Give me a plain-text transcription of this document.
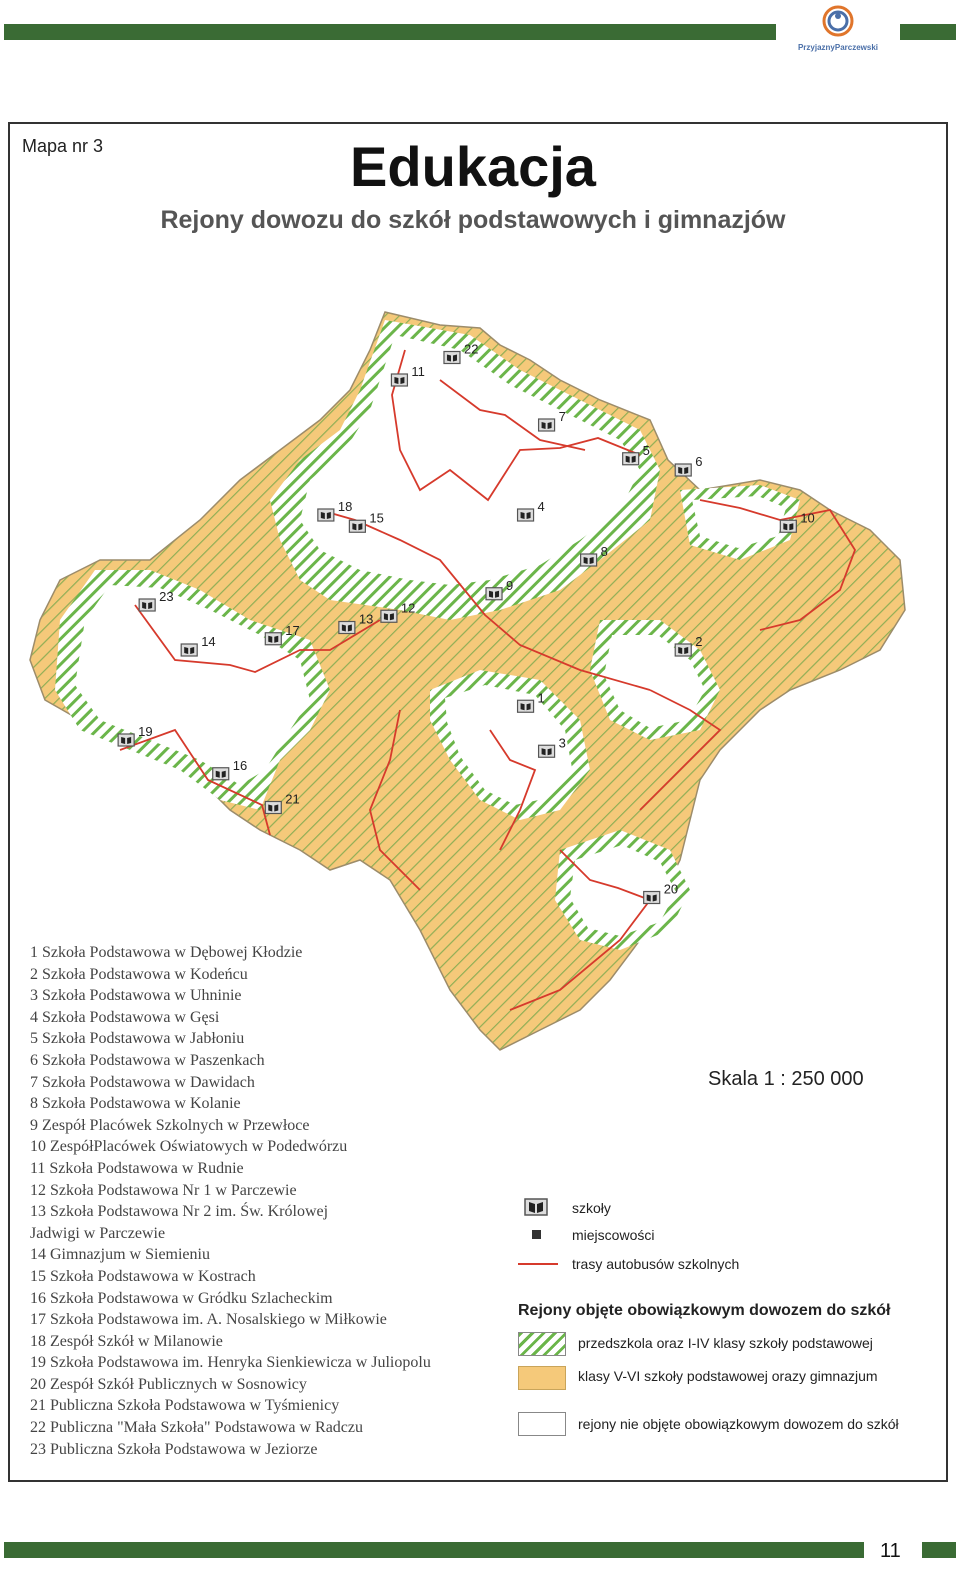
PrzyjaznyParczewski
Mapa nr 3	Edukacja
Rejony dowozu do szkół podstawowych i gimnazjów
1
2
3
4
5
6
7
8
9
10
11
12
13
14
15
16
17
18
19
20
21
22
23
1 Szkoła Podstawowa w Dębowej Kłodzie
2 Szkoła Podstawowa w Kodeńcu
3 Szkoła Podstawowa w Uhninie
4 Szkoła Podstawowa w Gęsi
5 Szkoła Podstawowa w Jabłoniu
6 Szkoła Podstawowa w Paszenkach
7 Szkoła Podstawowa w Dawidach
8 Szkoła Podstawowa w Kolanie
9 Zespół Placówek Szkolnych w Przewłoce
10 ZespółPlacówek Oświatowych w Podedwórzu
11 Szkoła Podstawowa w Rudnie
12 Szkoła Podstawowa Nr 1 w Parczewie
13 Szkoła Podstawowa Nr 2 im. Św. Królowej
Jadwigi w Parczewie
14 Gimnazjum w Siemieniu
15 Szkoła Podstawowa w Kostrach
16 Szkoła Podstawowa w Gródku Szlacheckim
17 Szkoła Podstawowa im. A. Nosalskiego w Miłkowie
18 Zespół Szkół w Milanowie
19 Szkoła Podstawowa im. Henryka Sienkiewicza w Juliopolu
20 Zespół Szkół Publicznych w Sosnowicy
21 Publiczna Szkoła Podstawowa w Tyśmienicy
22 Publiczna "Mała Szkoła" Podstawowa w Radczu
23 Publiczna Szkoła Podstawowa w Jeziorze
Skala 1 : 250 000
szkoły
miejscowości
trasy autobusów szkolnych
Rejony objęte obowiązkowym dowozem do szkół
przedszkola oraz I-IV klasy szkoły podstawowej
klasy V-VI szkoły podstawowej orazy gimnazjum
rejony nie objęte obowiązkowym dowozem do szkół
11
